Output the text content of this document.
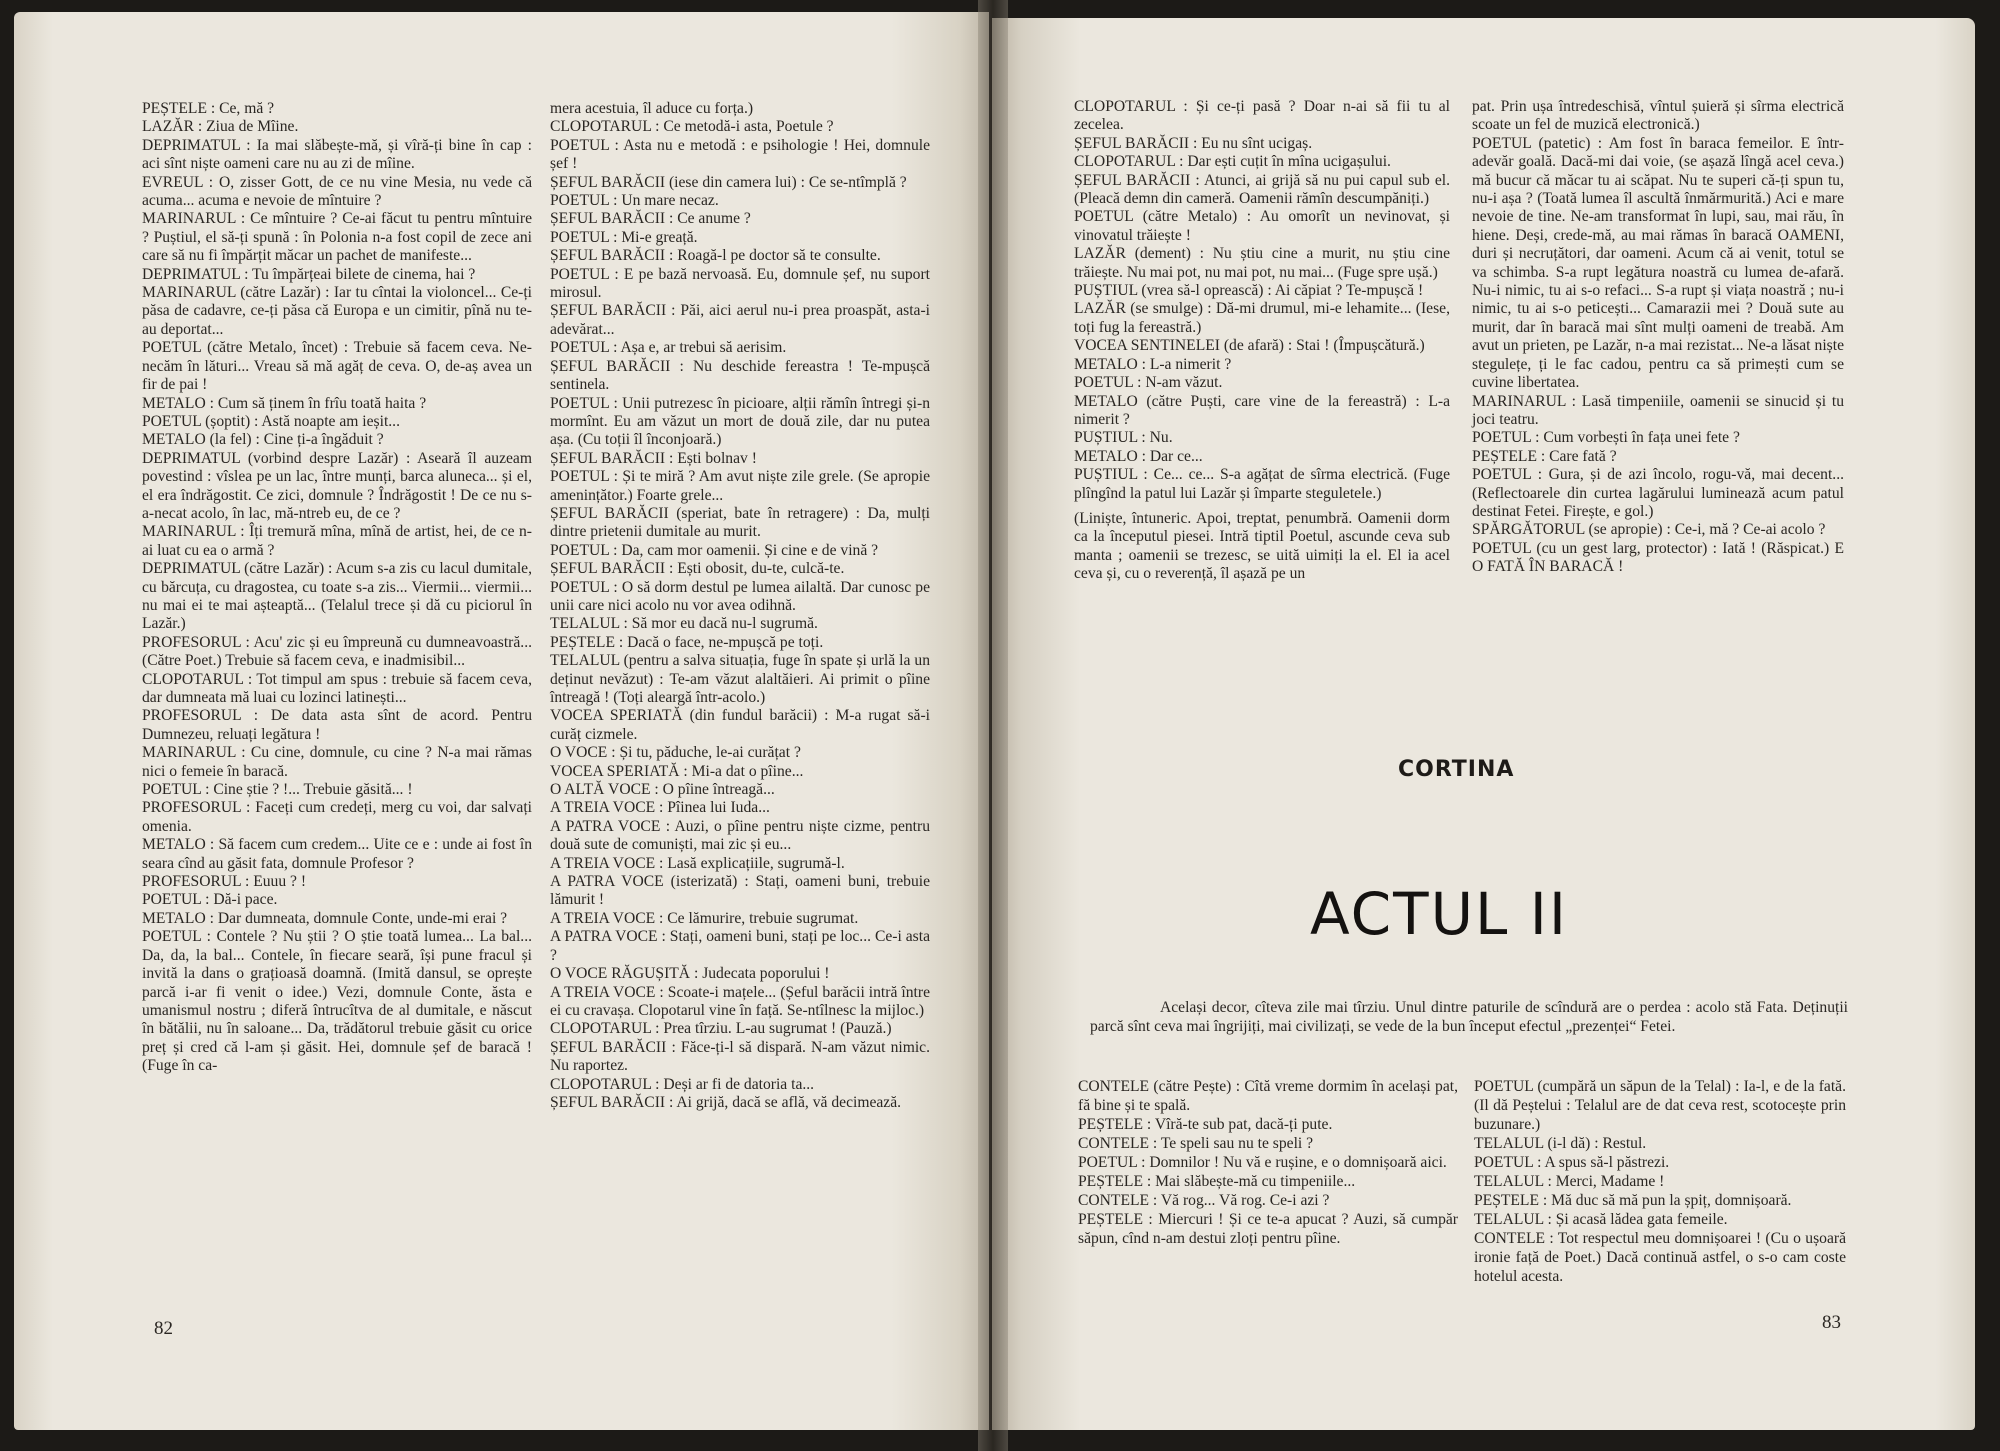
PEȘTELE : Ce, mă ?

LAZĂR : Ziua de Mîine.

DEPRIMATUL : Ia mai slăbește-mă, și vîră-ți bine în cap : aci sînt niște oameni care nu au zi de mîine.

EVREUL : O, zisser Gott, de ce nu vine Mesia, nu vede că acuma... acuma e nevoie de mîntuire ?

MARINARUL : Ce mîntuire ? Ce-ai făcut tu pentru mîntuire ? Puștiul, el să-ți spună : în Polonia n-a fost copil de zece ani care să nu fi împărțit măcar un pachet de manifeste...

DEPRIMATUL : Tu împărțeai bilete de cinema, hai ?

MARINARUL (către Lazăr) : Iar tu cîntai la violoncel... Ce-ți păsa de cadavre, ce-ți păsa că Europa e un cimitir, pînă nu te-au deportat...

POETUL (către Metalo, încet) : Trebuie să facem ceva. Ne-necăm în lături... Vreau să mă agăț de ceva. O, de-aș avea un fir de pai !

METALO : Cum să ținem în frîu toată haita ?

POETUL (șoptit) : Astă noapte am ieșit...

METALO (la fel) : Cine ți-a îngăduit ?

DEPRIMATUL (vorbind despre Lazăr) : Aseară îl auzeam povestind : vîslea pe un lac, între munți, barca aluneca... și el, el era îndrăgostit. Ce zici, domnule ? Îndrăgostit ! De ce nu s-a-necat acolo, în lac, mă-ntreb eu, de ce ?

MARINARUL : Îți tremură mîna, mînă de artist, hei, de ce n-ai luat cu ea o armă ?

DEPRIMATUL (către Lazăr) : Acum s-a zis cu lacul dumitale, cu bărcuța, cu dragostea, cu toate s-a zis... Viermii... viermii... nu mai ei te mai așteaptă... (Telalul trece și dă cu piciorul în Lazăr.)

PROFESORUL : Acu' zic și eu împreună cu dumneavoastră... (Către Poet.) Trebuie să facem ceva, e inadmisibil...

CLOPOTARUL : Tot timpul am spus : trebuie să facem ceva, dar dumneata mă luai cu lozinci latinești...

PROFESORUL : De data asta sînt de acord. Pentru Dumnezeu, reluați legătura !

MARINARUL : Cu cine, domnule, cu cine ? N-a mai rămas nici o femeie în baracă.

POETUL : Cine știe ? !... Trebuie găsită... !

PROFESORUL : Faceți cum credeți, merg cu voi, dar salvați omenia.

METALO : Să facem cum credem... Uite ce e : unde ai fost în seara cînd au găsit fata, domnule Profesor ?

PROFESORUL : Euuu ? !

POETUL : Dă-i pace.

METALO : Dar dumneata, domnule Conte, unde-mi erai ?

POETUL : Contele ? Nu știi ? O știe toată lumea... La bal... Da, da, la bal... Contele, în fiecare seară, își pune fracul și invită la dans o grațioasă doamnă. (Imită dansul, se oprește parcă i-ar fi venit o idee.) Vezi, domnule Conte, ăsta e umanismul nostru ; diferă întrucîtva de al dumitale, e născut în bătălii, nu în saloane... Da, trădătorul trebuie găsit cu orice preț și cred că l-am și găsit. Hei, domnule șef de baracă ! (Fuge în ca-

mera acestuia, îl aduce cu forța.)

CLOPOTARUL : Ce metodă-i asta, Poetule ?

POETUL : Asta nu e metodă : e psihologie ! Hei, domnule șef !

ȘEFUL BARĂCII (iese din camera lui) : Ce se-ntîmplă ?

POETUL : Un mare necaz.

ȘEFUL BARĂCII : Ce anume ?

POETUL : Mi-e greață.

ȘEFUL BARĂCII : Roagă-l pe doctor să te consulte.

POETUL : E pe bază nervoasă. Eu, domnule șef, nu suport mirosul.

ȘEFUL BARĂCII : Păi, aici aerul nu-i prea proaspăt, asta-i adevărat...

POETUL : Așa e, ar trebui să aerisim.

ȘEFUL BARĂCII : Nu deschide fereastra ! Te-mpușcă sentinela.

POETUL : Unii putrezesc în picioare, alții rămîn întregi și-n mormînt. Eu am văzut un mort de două zile, dar nu putea așa. (Cu toții îl înconjoară.)

ȘEFUL BARĂCII : Ești bolnav !

POETUL : Și te miră ? Am avut niște zile grele. (Se apropie amenințător.) Foarte grele...

ȘEFUL BARĂCII (speriat, bate în retragere) : Da, mulți dintre prietenii dumitale au murit.

POETUL : Da, cam mor oamenii. Și cine e de vină ?

ȘEFUL BARĂCII : Ești obosit, du-te, culcă-te.

POETUL : O să dorm destul pe lumea ailaltă. Dar cunosc pe unii care nici acolo nu vor avea odihnă.

TELALUL : Să mor eu dacă nu-l sugrumă.

PEȘTELE : Dacă o face, ne-mpușcă pe toți.

TELALUL (pentru a salva situația, fuge în spate și urlă la un deținut nevăzut) : Te-am văzut alaltăieri. Ai primit o pîine întreagă ! (Toți aleargă într-acolo.)

VOCEA SPERIATĂ (din fundul barăcii) : M-a rugat să-i curăț cizmele.

O VOCE : Și tu, păduche, le-ai curățat ?

VOCEA SPERIATĂ : Mi-a dat o pîine...

O ALTĂ VOCE : O pîine întreagă...

A TREIA VOCE : Pîinea lui Iuda...

A PATRA VOCE : Auzi, o pîine pentru niște cizme, pentru două sute de comuniști, mai zic și eu...

A TREIA VOCE : Lasă explicațiile, sugrumă-l.

A PATRA VOCE (isterizată) : Stați, oameni buni, trebuie lămurit !

A TREIA VOCE : Ce lămurire, trebuie sugrumat.

A PATRA VOCE : Stați, oameni buni, stați pe loc... Ce-i asta ?

O VOCE RĂGUȘITĂ : Judecata poporului !

A TREIA VOCE : Scoate-i mațele... (Șeful barăcii intră între ei cu cravașa. Clopotarul vine în față. Se-ntîlnesc la mijloc.)

CLOPOTARUL : Prea tîrziu. L-au sugrumat ! (Pauză.)

ȘEFUL BARĂCII : Făce-ți-l să dispară. N-am văzut nimic. Nu raportez.

CLOPOTARUL : Deși ar fi de datoria ta...

ȘEFUL BARĂCII : Ai grijă, dacă se află, vă decimează.

82

CLOPOTARUL : Și ce-ți pasă ? Doar n-ai să fii tu al zecelea.

ȘEFUL BARĂCII : Eu nu sînt ucigaș.

CLOPOTARUL : Dar ești cuțit în mîna ucigașului.

ȘEFUL BARĂCII : Atunci, ai grijă să nu pui capul sub el. (Pleacă demn din cameră. Oamenii rămîn descumpăniți.)

POETUL (către Metalo) : Au omorît un nevinovat, și vinovatul trăiește !

LAZĂR (dement) : Nu știu cine a murit, nu știu cine trăiește. Nu mai pot, nu mai pot, nu mai... (Fuge spre ușă.)

PUȘTIUL (vrea să-l oprească) : Ai căpiat ? Te-mpușcă !

LAZĂR (se smulge) : Dă-mi drumul, mi-e lehamite... (Iese, toți fug la fereastră.)

VOCEA SENTINELEI (de afară) : Stai ! (Împușcătură.)

METALO : L-a nimerit ?

POETUL : N-am văzut.

METALO (către Puști, care vine de la fereastră) : L-a nimerit ?

PUȘTIUL : Nu.

METALO : Dar ce...

PUȘTIUL : Ce... ce... S-a agățat de sîrma electrică. (Fuge plîngînd la patul lui Lazăr și împarte steguletele.)

(Liniște, întuneric. Apoi, treptat, penumbră. Oamenii dorm ca la începutul piesei. Intră tiptil Poetul, ascunde ceva sub manta ; oamenii se trezesc, se uită uimiți la el. El ia acel ceva și, cu o reverență, îl așază pe un

pat. Prin ușa întredeschisă, vîntul șuieră și sîrma electrică scoate un fel de muzică electronică.)

POETUL (patetic) : Am fost în baraca femeilor. E într-adevăr goală. Dacă-mi dai voie, (se așază lîngă acel ceva.) mă bucur că măcar tu ai scăpat. Nu te superi că-ți spun tu, nu-i așa ? (Toată lumea îl ascultă înmărmurită.) Aci e mare nevoie de tine. Ne-am transformat în lupi, sau, mai rău, în hiene. Deși, crede-mă, au mai rămas în baracă OAMENI, duri și necruțători, dar oameni. Acum că ai venit, totul se va schimba. S-a rupt legătura noastră cu lumea de-afară. Nu-i nimic, tu ai s-o refaci... S-a rupt și viața noastră ; nu-i nimic, tu ai s-o peticești... Camarazii mei ? Două sute au murit, dar în baracă mai sînt mulți oameni de treabă. Am avut un prieten, pe Lazăr, n-a mai rezistat... Ne-a lăsat niște stegulețe, ți le fac cadou, pentru ca să primești cum se cuvine libertatea.

MARINARUL : Lasă timpeniile, oamenii se sinucid și tu joci teatru.

POETUL : Cum vorbești în fața unei fete ?

PEȘTELE : Care fată ?

POETUL : Gura, și de azi încolo, rogu-vă, mai decent... (Reflectoarele din curtea lagărului luminează acum patul destinat Fetei. Firește, e gol.)

SPĂRGĂTORUL (se apropie) : Ce-i, mă ? Ce-ai acolo ?

POETUL (cu un gest larg, protector) : Iată ! (Răspicat.) E O FATĂ ÎN BARACĂ !

CORTINA

ACTUL II

Același decor, cîteva zile mai tîrziu. Unul dintre paturile de scîndură are o perdea : acolo stă Fata. Deținuții parcă sînt ceva mai îngrijiți, mai civilizați, se vede de la bun început efectul „prezenței“ Fetei.

CONTELE (către Pește) : Cîtă vreme dormim în același pat, fă bine și te spală.

PEȘTELE : Vîră-te sub pat, dacă-ți pute.

CONTELE : Te speli sau nu te speli ?

POETUL : Domnilor ! Nu vă e rușine, e o domnișoară aici.

PEȘTELE : Mai slăbește-mă cu timpeniile...

CONTELE : Vă rog... Vă rog. Ce-i azi ?

PEȘTELE : Miercuri ! Și ce te-a apucat ? Auzi, să cumpăr săpun, cînd n-am destui zloți pentru pîine.

POETUL (cumpără un săpun de la Telal) : Ia-l, e de la fată. (Il dă Peștelui : Telalul are de dat ceva rest, scotocește prin buzunare.)

TELALUL (i-l dă) : Restul.

POETUL : A spus să-l păstrezi.

TELALUL : Merci, Madame !

PEȘTELE : Mă duc să mă pun la șpiț, domnișoară.

TELALUL : Și acasă lădea gata femeile.

CONTELE : Tot respectul meu domnișoarei ! (Cu o ușoară ironie față de Poet.) Dacă continuă astfel, o s-o cam coste hotelul acesta.

83
